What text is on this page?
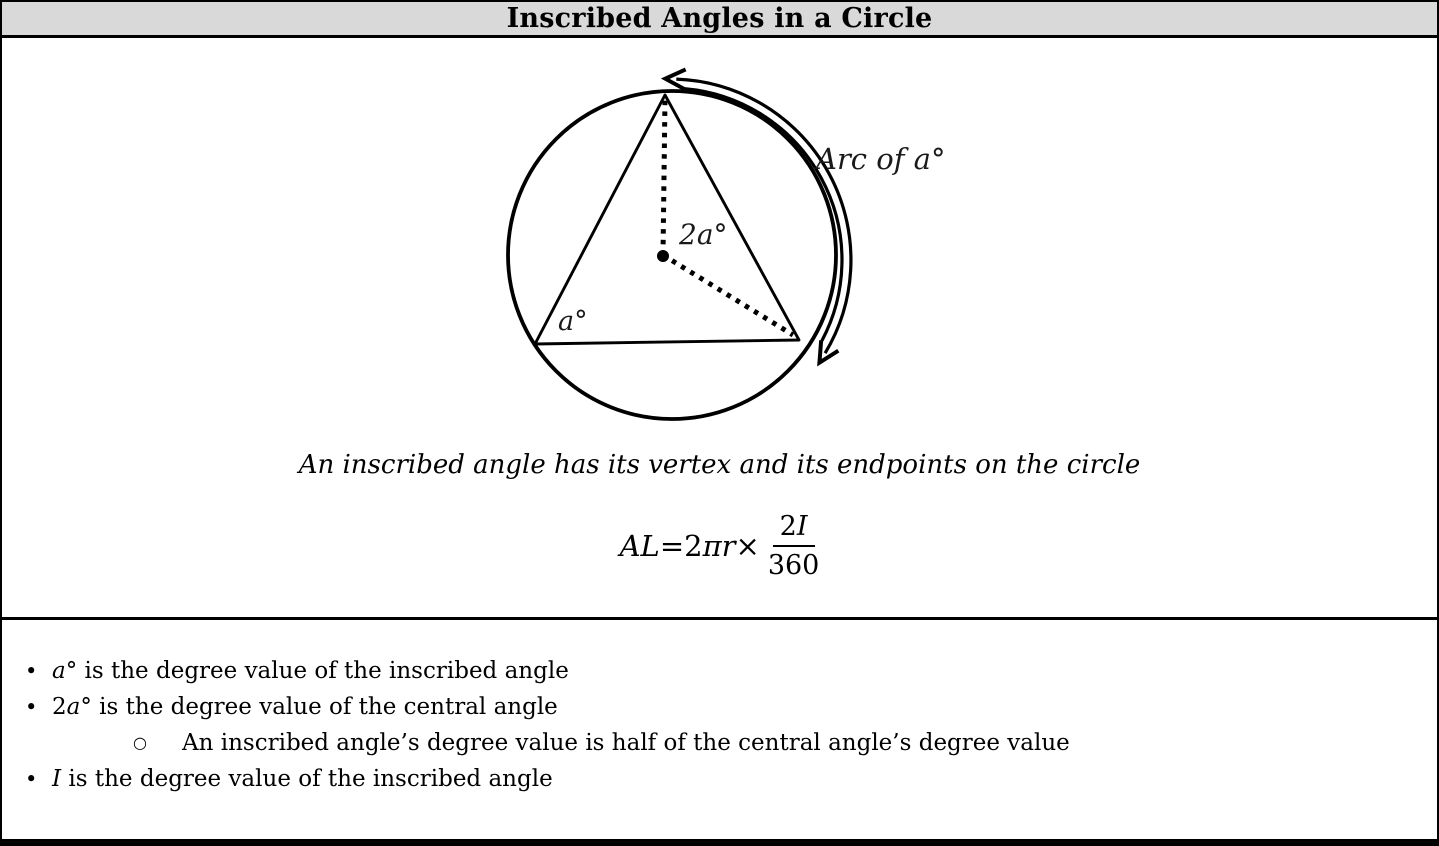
Inscribed Angles in a Circle
2a°
a°
Arc of a°
An inscribed angle has its vertex and its endpoints on the circle
AL = 2 $\pi r \times \frac{2I}{360}$
• a° is the degree value of the inscribed angle
• 2a° is the degree value of the central angle
○	An inscribed angle’s degree value is half of the central angle’s degree value
• I is the degree value of the inscribed angle
